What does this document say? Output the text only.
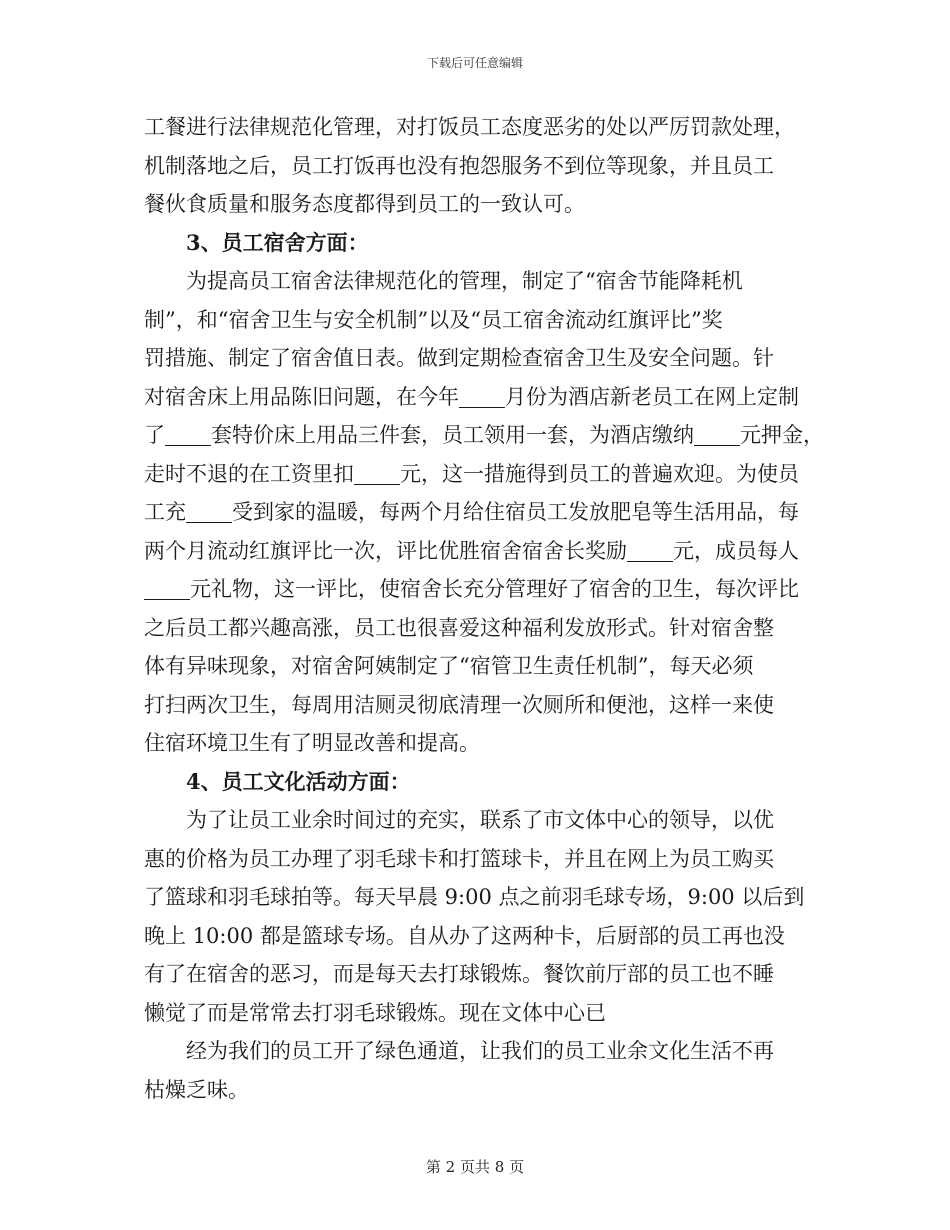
下载后可任意编辑
工餐进行法律规范化管理，对打饭员工态度恶劣的处以严厉罚款处理，
机制落地之后，员工打饭再也没有抱怨服务不到位等现象，并且员工
餐伙食质量和服务态度都得到员工的一致认可。
3、员工宿舍方面：
为提高员工宿舍法律规范化的管理，制定了“宿舍节能降耗机
制”，和“宿舍卫生与安全机制”以及“员工宿舍流动红旗评比”奖
罚措施、制定了宿舍值日表。做到定期检查宿舍卫生及安全问题。针
对宿舍床上用品陈旧问题，在今年 月份为酒店新老员工在网上定制
了 套特价床上用品三件套，员工领用一套，为酒店缴纳 元押金，
走时不退的在工资里扣 元，这一措施得到员工的普遍欢迎。为使员
工充 受到家的温暖，每两个月给住宿员工发放肥皂等生活用品，每
两个月流动红旗评比一次，评比优胜宿舍宿舍长奖励 元，成员每人
元礼物，这一评比，使宿舍长充分管理好了宿舍的卫生，每次评比
之后员工都兴趣高涨，员工也很喜爱这种福利发放形式。针对宿舍整
体有异味现象，对宿舍阿姨制定了“宿管卫生责任机制”，每天必须
打扫两次卫生，每周用洁厕灵彻底清理一次厕所和便池，这样一来使
住宿环境卫生有了明显改善和提高。
4、员工文化活动方面：
为了让员工业余时间过的充实，联系了市文体中心的领导，以优
惠的价格为员工办理了羽毛球卡和打篮球卡，并且在网上为员工购买
了篮球和羽毛球拍等。每天早晨 9:00 点之前羽毛球专场，9:00 以后到
晚上 10:00 都是篮球专场。自从办了这两种卡，后厨部的员工再也没
有了在宿舍的恶习，而是每天去打球锻炼。餐饮前厅部的员工也不睡
懒觉了而是常常去打羽毛球锻炼。现在文体中心已
经为我们的员工开了绿色通道，让我们的员工业余文化生活不再
枯燥乏味。
第 2 页共 8 页
